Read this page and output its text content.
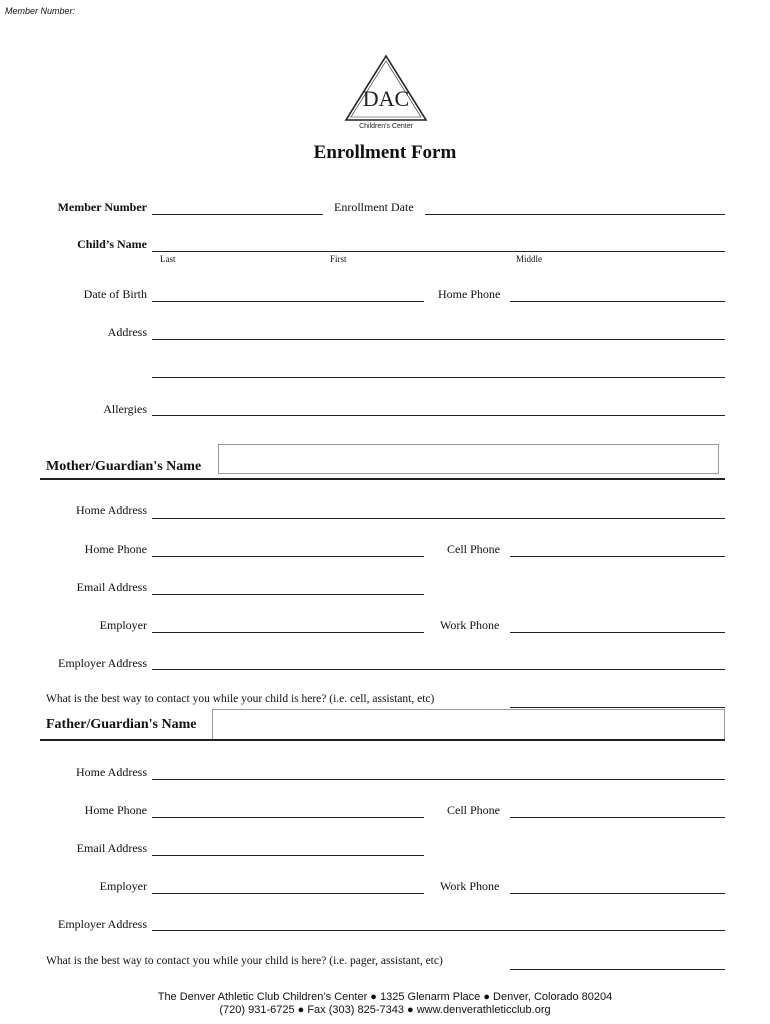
Member Number:
DAC
Children's Center
Enrollment Form
Member Number	Enrollment Date
Child’s Name
Last	First	Middle
Date of Birth	Home Phone
Address
Allergies
Mother/Guardian's Name
Home Address
Home Phone	Cell Phone
Email Address
Employer	Work Phone
Employer Address
What is the best way to contact you while your child is here? (i.e. cell, assistant, etc)
Father/Guardian's Name
Home Address
Home Phone	Cell Phone
Email Address
Employer	Work Phone
Employer Address
What is the best way to contact you while your child is here? (i.e. pager, assistant, etc)
The Denver Athletic Club Children’s Center ● 1325 Glenarm Place ● Denver, Colorado 80204
(720) 931-6725 ● Fax (303) 825-7343 ● www.denverathleticclub.org
